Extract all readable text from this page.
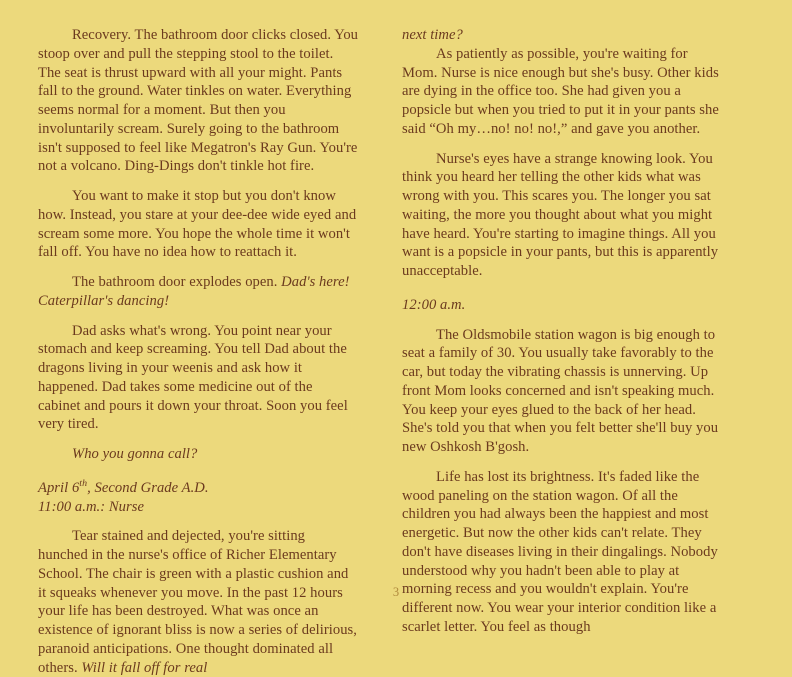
Recovery. The bathroom door clicks closed. You stoop over and pull the stepping stool to the toilet. The seat is thrust upward with all your might. Pants fall to the ground. Water tinkles on water. Everything seems normal for a moment. But then you involuntarily scream. Surely going to the bathroom isn't supposed to feel like Megatron's Ray Gun. You're not a volcano. Ding-Dings don't tinkle hot fire.

You want to make it stop but you don't know how. Instead, you stare at your dee-dee wide eyed and scream some more. You hope the whole time it won't fall off. You have no idea how to reattach it.

The bathroom door explodes open. Dad's here! Caterpillar's dancing!

Dad asks what's wrong. You point near your stomach and keep screaming. You tell Dad about the dragons living in your weenis and ask how it happened. Dad takes some medicine out of the cabinet and pours it down your throat. Soon you feel very tired.

Who you gonna call?

April 6th, Second Grade A.D.

11:00 a.m.: Nurse

Tear stained and dejected, you're sitting hunched in the nurse's office of Richer Elementary School. The chair is green with a plastic cushion and it squeaks whenever you move. In the past 12 hours your life has been destroyed. What was once an existence of ignorant bliss is now a series of delirious, paranoid anticipations. One thought dominated all others. Will it fall off for real

next time?

As patiently as possible, you're waiting for Mom. Nurse is nice enough but she's busy. Other kids are dying in the office too. She had given you a popsicle but when you tried to put it in your pants she said “Oh my…no! no! no!,” and gave you another.

Nurse's eyes have a strange knowing look. You think you heard her telling the other kids what was wrong with you. This scares you. The longer you sat waiting, the more you thought about what you might have heard. You're starting to imagine things. All you want is a popsicle in your pants, but this is apparently unacceptable.

12:00 a.m.

The Oldsmobile station wagon is big enough to seat a family of 30. You usually take favorably to the car, but today the vibrating chassis is unnerving. Up front Mom looks concerned and isn't speaking much. You keep your eyes glued to the back of her head. She's told you that when you felt better she'll buy you new Oshkosh B'gosh.

Life has lost its brightness. It's faded like the wood paneling on the station wagon. Of all the children you had always been the happiest and most energetic. But now the other kids can't relate. They don't have diseases living in their dingalings. Nobody understood why you hadn't been able to play at morning recess and you wouldn't explain. You're different now. You wear your interior condition like a scarlet letter. You feel as though

3
